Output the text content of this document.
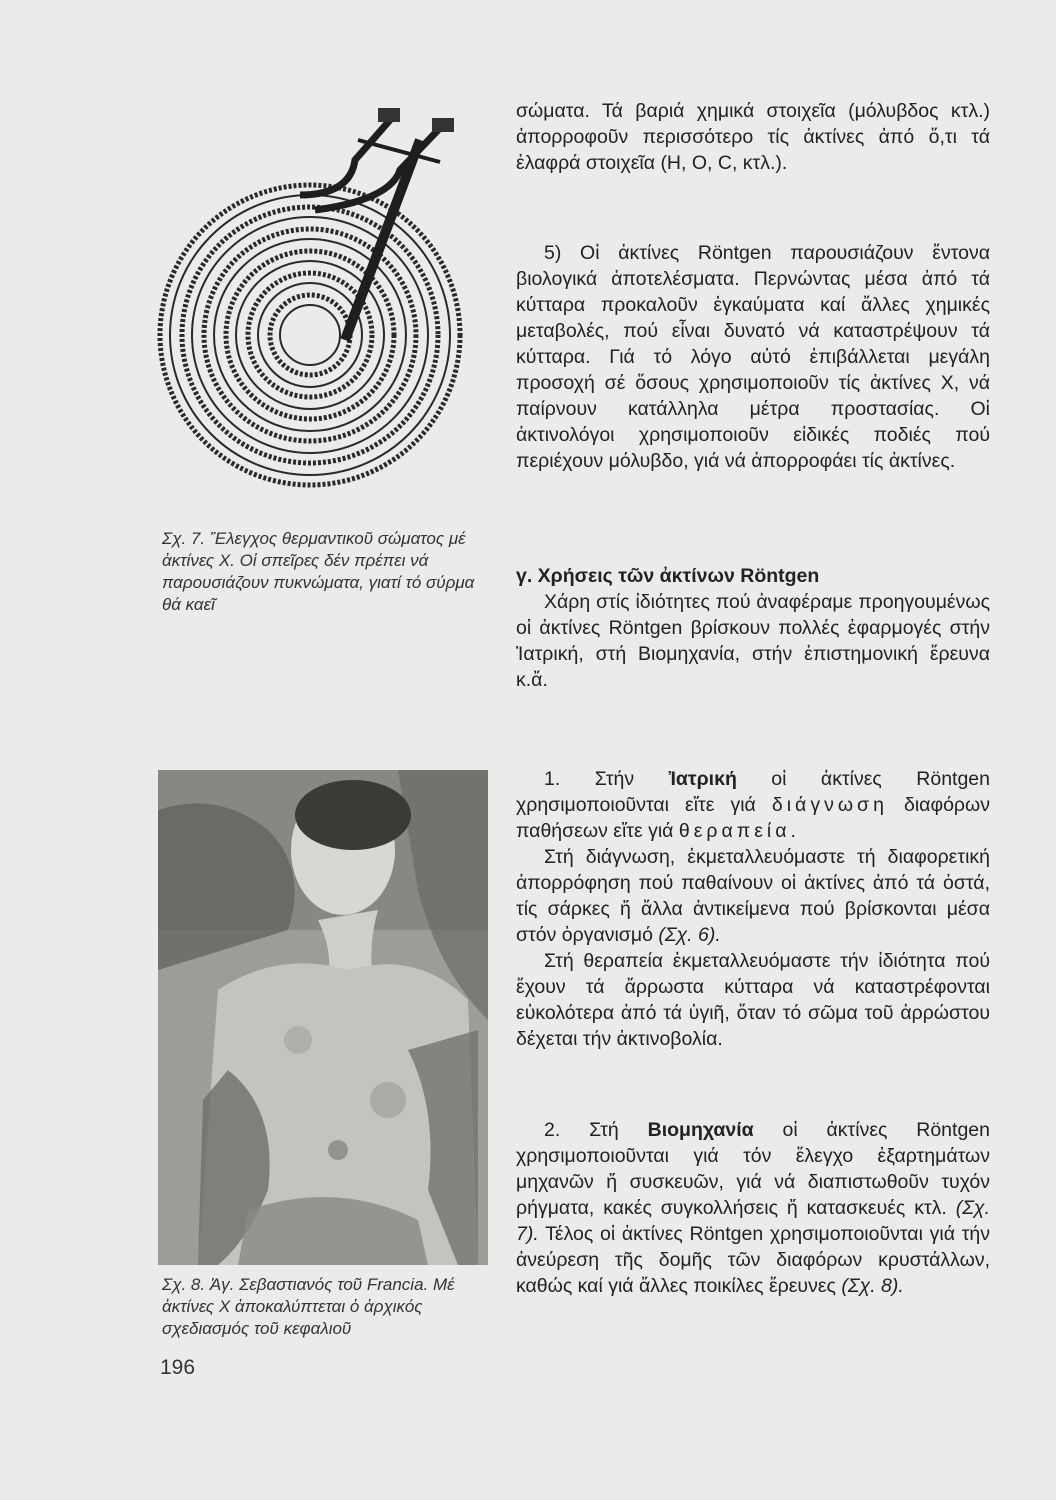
Σχ. 7. Ἔλεγχος θερμαντικοῦ σώματος μέ ἀκτίνες Χ. Οἱ σπεῖρες δέν πρέπει νά παρουσιάζουν πυκνώματα, γιατί τό σύρμα θά καεῖ
Σχ. 8. Ἁγ. Σεβαστιανός τοῦ Francia. Μέ ἀκτίνες Χ ἀποκαλύπτεται ὁ ἀρχικός σχεδιασμός τοῦ κεφαλιοῦ
196

σώματα. Τά βαριά χημικά στοιχεῖα (μόλυβδος κτλ.) ἀπορροφοῦν περισσότερο τίς ἀκτίνες ἀπό ὅ,τι τά ἐλαφρά στοιχεῖα (Η, Ο, C, κτλ.).

5) Οἱ ἀκτίνες Röntgen παρουσιάζουν ἔντονα βιολογικά ἀποτελέσματα. Περνώντας μέσα ἀπό τά κύτταρα προκαλοῦν ἐγκαύματα καί ἄλλες χημικές μεταβολές, πού εἶναι δυνατό νά καταστρέψουν τά κύτταρα. Γιά τό λόγο αὐτό ἐπιβάλλεται μεγάλη προσοχή σέ ὅσους χρησιμοποιοῦν τίς ἀκτίνες Χ, νά παίρνουν κατάλληλα μέτρα προστασίας. Οἱ ἀκτινολόγοι χρησιμοποιοῦν εἰδικές ποδιές πού περιέχουν μόλυβδο, γιά νά ἀπορροφάει τίς ἀκτίνες.

γ. Χρήσεις τῶν ἀκτίνων Röntgen

Χάρη στίς ἰδιότητες πού ἀναφέραμε προηγουμένως οἱ ἀκτίνες Röntgen βρίσκουν πολλές ἐφαρμογές στήν Ἰατρική, στή Βιομηχανία, στήν ἐπιστημονική ἔρευνα κ.ἄ.

1. Στήν Ἰατρική οἱ ἀκτίνες Röntgen χρησιμοποιοῦνται εἴτε γιά διάγνωση διαφόρων παθήσεων εἴτε γιά θεραπεία.

Στή διάγνωση, ἐκμεταλλευόμαστε τή διαφορετική ἀπορρόφηση πού παθαίνουν οἱ ἀκτίνες ἀπό τά ὀστά, τίς σάρκες ἤ ἄλλα ἀντικείμενα πού βρίσκονται μέσα στόν ὀργανισμό (Σχ. 6).

Στή θεραπεία ἐκμεταλλευόμαστε τήν ἰδιότητα πού ἔχουν τά ἄρρωστα κύτταρα νά καταστρέφονται εὐκολότερα ἀπό τά ὑγιῆ, ὅταν τό σῶμα τοῦ ἀρρώστου δέχεται τήν ἀκτινοβολία.

2. Στή Βιομηχανία οἱ ἀκτίνες Röntgen χρησιμοποιοῦνται γιά τόν ἔλεγχο ἐξαρτημάτων μηχανῶν ἤ συσκευῶν, γιά νά διαπιστωθοῦν τυχόν ρήγματα, κακές συγκολλήσεις ἤ κατασκευές κτλ. (Σχ. 7). Τέλος οἱ ἀκτίνες Röntgen χρησιμοποιοῦνται γιά τήν ἀνεύρεση τῆς δομῆς τῶν διαφόρων κρυστάλλων, καθώς καί γιά ἄλλες ποικίλες ἔρευνες (Σχ. 8).
